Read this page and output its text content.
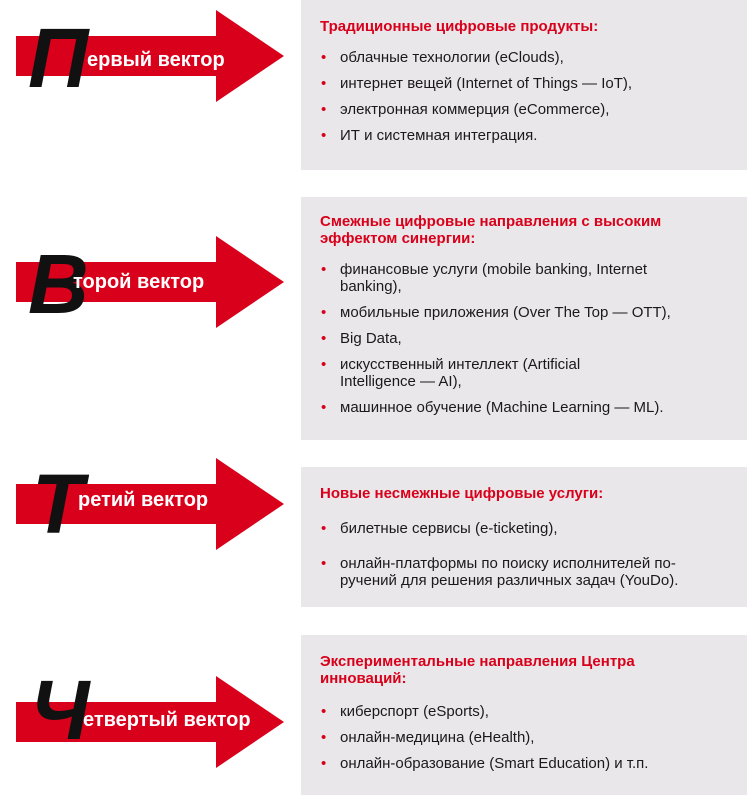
П ервый вектор
Традиционные цифровые продукты:
• облачные технологии (eClouds),
• интернет вещей (Internet of Things — IoT),
• электронная коммерция (eCommerce),
• ИТ и системная интеграция.
В
торой вектор
Смежные цифровые направления с высоким эффектом синергии:
• финансовые услуги (mobile banking, Internet banking),
• мобильные приложения (Over The Top — OTT),
• Big Data,
• искусственный интеллект (Artificial Intelligence — AI),
• машинное обучение (Machine Learning — ML).
Т
ретий вектор	Новые несмежные цифровые услуги:
• билетные сервисы (e-ticketing),
• онлайн-платформы по поиску исполнителей по-ручений для решения различных задач (YouDo).
Ч
етвертый вектор
Экспериментальные направления Центра инноваций:
• киберспорт (eSports),
• онлайн-медицина (eHealth),
• онлайн-образование (Smart Education) и т.п.
